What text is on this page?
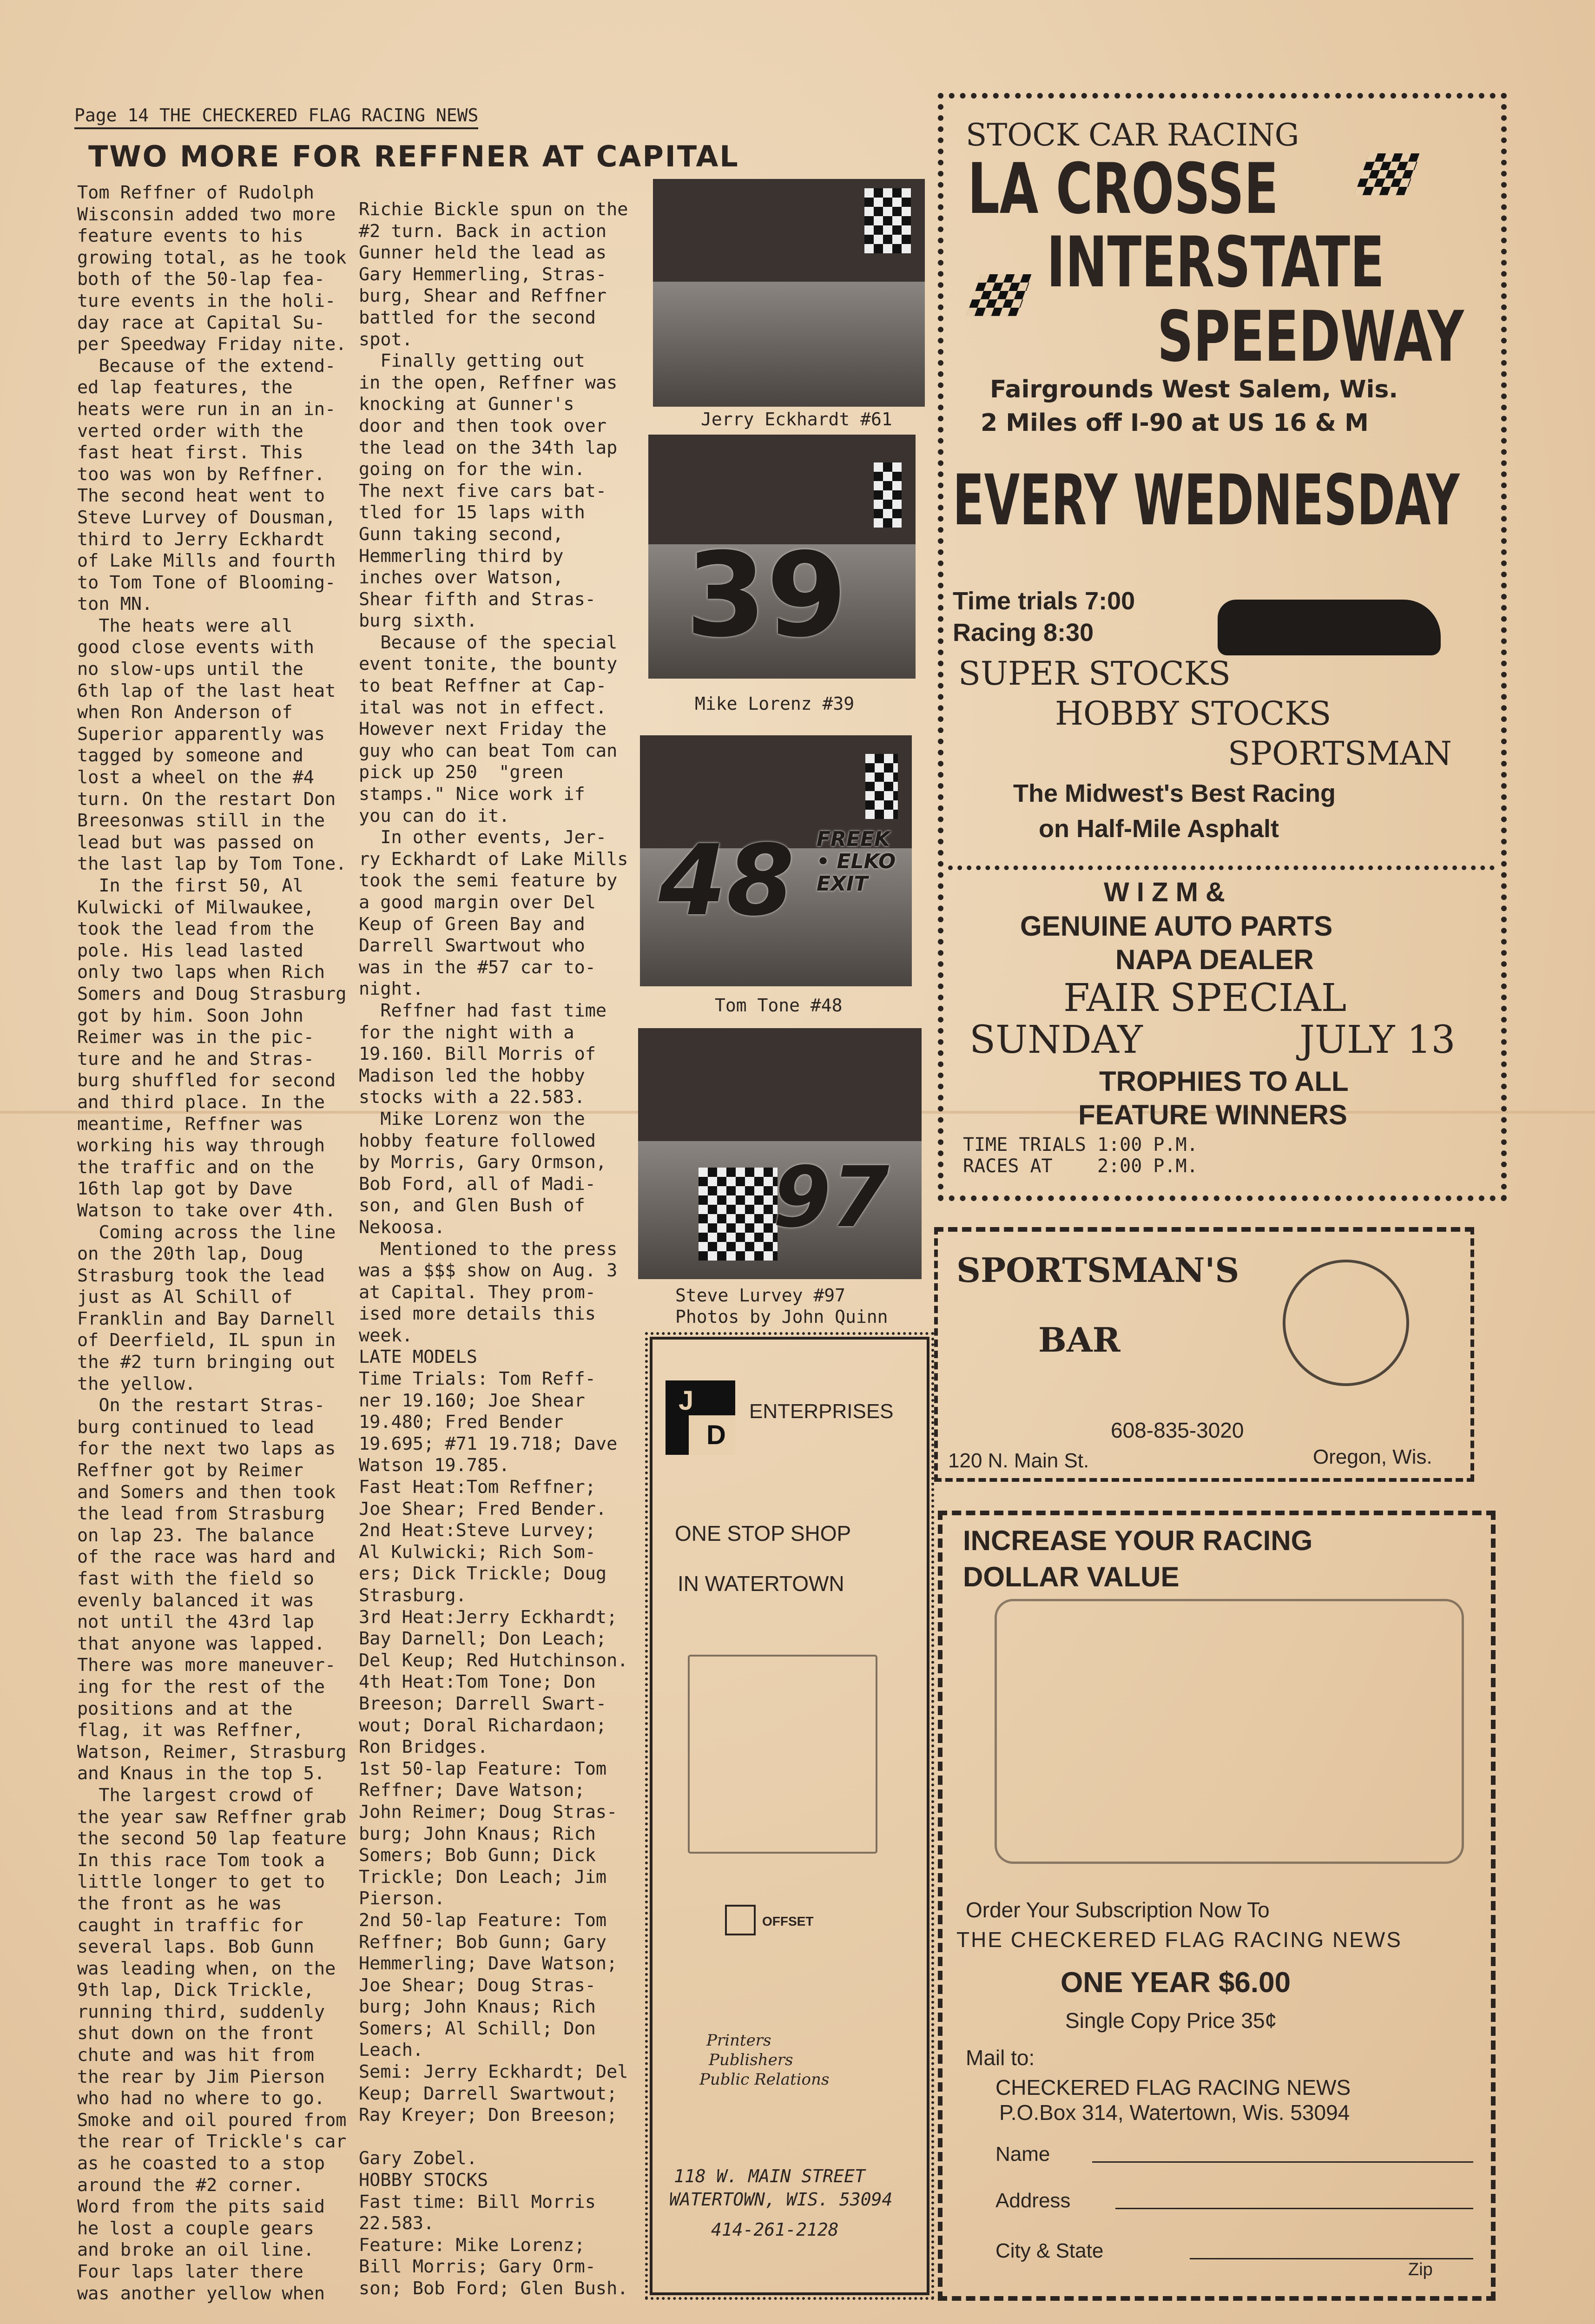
Page 14 THE CHECKERED FLAG RACING NEWS
TWO MORE FOR REFFNER AT CAPITAL
Tom Reffner of Rudolph
Wisconsin added two more
feature events to his
growing total, as he took
both of the 50-lap fea-
ture events in the holi-
day race at Capital Su-
per Speedway Friday nite.
Because of the extend-
ed lap features, the
heats were run in an in-
verted order with the
fast heat first. This
too was won by Reffner.
The second heat went to
Steve Lurvey of Dousman,
third to Jerry Eckhardt
of Lake Mills and fourth
to Tom Tone of Blooming-
ton MN.
The heats were all
good close events with
no slow-ups until the
6th lap of the last heat
when Ron Anderson of
Superior apparently was
tagged by someone and
lost a wheel on the #4
turn. On the restart Don
Breesonwas still in the
lead but was passed on
the last lap by Tom Tone.
In the first 50, Al
Kulwicki of Milwaukee,
took the lead from the
pole. His lead lasted
only two laps when Rich
Somers and Doug Strasburg
got by him. Soon John
Reimer was in the pic-
ture and he and Stras-
burg shuffled for second
and third place. In the
meantime, Reffner was
working his way through
the traffic and on the
16th lap got by Dave
Watson to take over 4th.
Coming across the line
on the 20th lap, Doug
Strasburg took the lead
just as Al Schill of
Franklin and Bay Darnell
of Deerfield, IL spun in
the #2 turn bringing out
the yellow.
On the restart Stras-
burg continued to lead
for the next two laps as
Reffner got by Reimer
and Somers and then took
the lead from Strasburg
on lap 23. The balance
of the race was hard and
fast with the field so
evenly balanced it was
not until the 43rd lap
that anyone was lapped.
There was more maneuver-
ing for the rest of the
positions and at the
flag, it was Reffner,
Watson, Reimer, Strasburg
and Knaus in the top 5.
The largest crowd of
the year saw Reffner grab
the second 50 lap feature
In this race Tom took a
little longer to get to
the front as he was
caught in traffic for
several laps. Bob Gunn
was leading when, on the
9th lap, Dick Trickle,
running third, suddenly
shut down on the front
chute and was hit from
the rear by Jim Pierson
who had no where to go.
Smoke and oil poured from
the rear of Trickle's car
as he coasted to a stop
around the #2 corner.
Word from the pits said
he lost a couple gears
and broke an oil line.
Four laps later there
was another yellow when
Richie Bickle spun on the
#2 turn. Back in action
Gunner held the lead as
Gary Hemmerling, Stras-
burg, Shear and Reffner
battled for the second
spot.
Finally getting out
in the open, Reffner was
knocking at Gunner's
door and then took over
the lead on the 34th lap
going on for the win.
The next five cars bat-
tled for 15 laps with
Gunn taking second,
Hemmerling third by
inches over Watson,
Shear fifth and Stras-
burg sixth.
Because of the special
event tonite, the bounty
to beat Reffner at Cap-
ital was not in effect.
However next Friday the
guy who can beat Tom can
pick up 250  "green
stamps." Nice work if
you can do it.
In other events, Jer-
ry Eckhardt of Lake Mills
took the semi feature by
a good margin over Del
Keup of Green Bay and
Darrell Swartwout who
was in the #57 car to-
night.
Reffner had fast time
for the night with a
19.160. Bill Morris of
Madison led the hobby
stocks with a 22.583.
Mike Lorenz won the
hobby feature followed
by Morris, Gary Ormson,
Bob Ford, all of Madi-
son, and Glen Bush of
Nekoosa.
Mentioned to the press
was a $$$ show on Aug. 3
at Capital. They prom-
ised more details this
week.
LATE MODELS
Time Trials: Tom Reff-
ner 19.160; Joe Shear
19.480; Fred Bender
19.695; #71 19.718; Dave
Watson 19.785.
Fast Heat:Tom Reffner;
Joe Shear; Fred Bender.
2nd Heat:Steve Lurvey;
Al Kulwicki; Rich Som-
ers; Dick Trickle; Doug
Strasburg.
3rd Heat:Jerry Eckhardt;
Bay Darnell; Don Leach;
Del Keup; Red Hutchinson.
4th Heat:Tom Tone; Don
Breeson; Darrell Swart-
wout; Doral Richardaon;
Ron Bridges.
1st 50-lap Feature: Tom
Reffner; Dave Watson;
John Reimer; Doug Stras-
burg; John Knaus; Rich
Somers; Bob Gunn; Dick
Trickle; Don Leach; Jim
Pierson.
2nd 50-lap Feature: Tom
Reffner; Bob Gunn; Gary
Hemmerling; Dave Watson;
Joe Shear; Doug Stras-
burg; John Knaus; Rich
Somers; Al Schill; Don
Leach.
Semi: Jerry Eckhardt; Del
Keup; Darrell Swartwout;
Ray Kreyer; Don Breeson;

Gary Zobel.
HOBBY STOCKS
Fast time: Bill Morris
22.583.
Feature: Mike Lorenz;
Bill Morris; Gary Orm-
son; Bob Ford; Glen Bush.
Jerry Eckhardt #61
39
Mike Lorenz #39
48 FREEK
• ELKO
EXIT
Tom Tone #48
97
Steve Lurvey #97
Photos by John Quinn
STOCK CAR RACING
LA CROSSE
INTERSTATE
SPEEDWAY
Fairgrounds West Salem, Wis.
2 Miles off I-90 at US 16 & M
EVERY WEDNESDAY
Time trials 7:00
Racing 8:30
SUPER STOCKS
HOBBY STOCKS
SPORTSMAN
The Midwest's Best Racing
on Half-Mile Asphalt
W I Z M &
GENUINE AUTO PARTS
NAPA DEALER
FAIR SPECIAL
SUNDAY	JULY 13
TROPHIES TO ALL
FEATURE WINNERS
TIME TRIALS 1:00 P.M.
RACES AT    2:00 P.M.
SPORTSMAN'S
BAR
608-835-3020
120 N. Main St.	Oregon, Wis.
J
D
ENTERPRISES
ONE STOP SHOP
IN WATERTOWN
OFFSET
Printers
Publishers
Public Relations
118 W. MAIN STREET
WATERTOWN, WIS. 53094
414-261-2128
INCREASE YOUR RACING
DOLLAR VALUE
Order Your Subscription Now To
THE CHECKERED FLAG RACING NEWS
ONE YEAR $6.00
Single Copy Price 35¢
Mail to:
CHECKERED FLAG RACING NEWS
P.O.Box 314, Watertown, Wis. 53094
Name
Address
City & State
Zip
